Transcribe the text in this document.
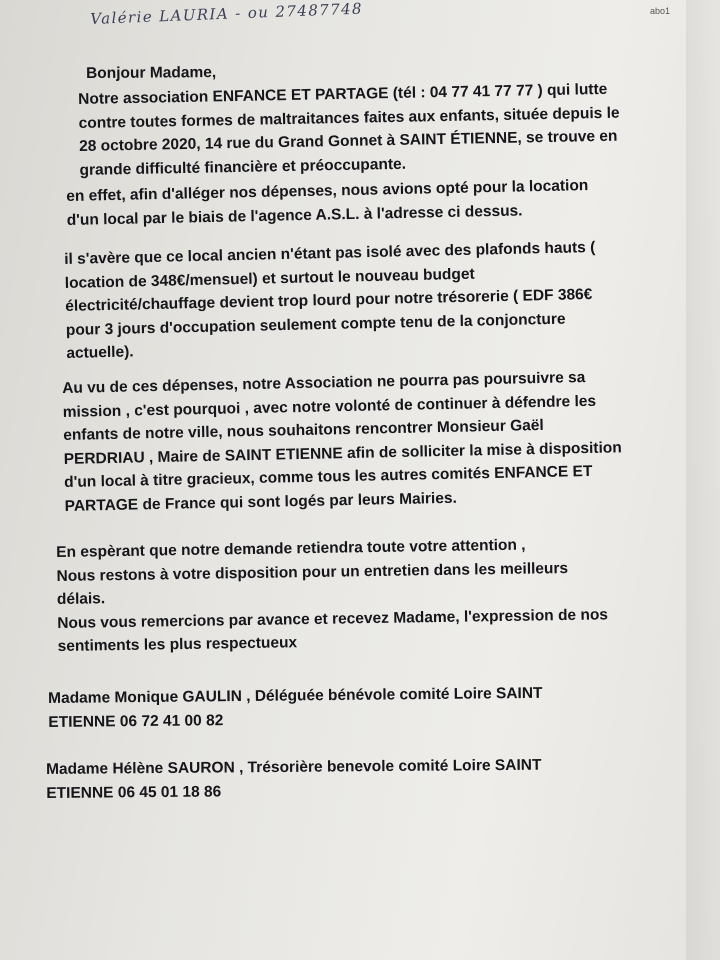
Valérie LAURIA - ou 27487748	abo1
Bonjour Madame,
Notre association ENFANCE ET PARTAGE (tél : 04 77 41 77 77 ) qui lutte
contre toutes formes de maltraitances faites aux enfants, située depuis le
28 octobre 2020, 14 rue du Grand Gonnet à SAINT ÉTIENNE, se trouve en
grande difficulté financière et préoccupante.
en effet, afin d'alléger nos dépenses, nous avions opté pour la location
d'un local par le biais de l'agence A.S.L. à l'adresse ci dessus.
il s'avère que ce local ancien n'étant pas isolé avec des plafonds hauts (
location de 348€/mensuel) et surtout le nouveau budget
électricité/chauffage devient trop lourd pour notre trésorerie ( EDF 386€
pour 3 jours d'occupation seulement compte tenu de la conjoncture
actuelle).
Au vu de ces dépenses, notre Association ne pourra pas poursuivre sa
mission , c'est pourquoi , avec notre volonté de continuer à défendre les
enfants de notre ville, nous souhaitons rencontrer Monsieur Gaël
PERDRIAU , Maire de SAINT ETIENNE afin de solliciter la mise à disposition
d'un local à titre gracieux, comme tous les autres comités ENFANCE ET
PARTAGE de France qui sont logés par leurs Mairies.
En espèrant que notre demande retiendra toute votre attention ,
Nous restons à votre disposition pour un entretien dans les meilleurs
délais.
Nous vous remercions par avance et recevez Madame, l'expression de nos
sentiments les plus respectueux
Madame Monique GAULIN , Déléguée bénévole comité Loire SAINT
ETIENNE 06 72 41 00 82
Madame Hélène SAURON , Trésorière benevole comité Loire SAINT
ETIENNE 06 45 01 18 86
